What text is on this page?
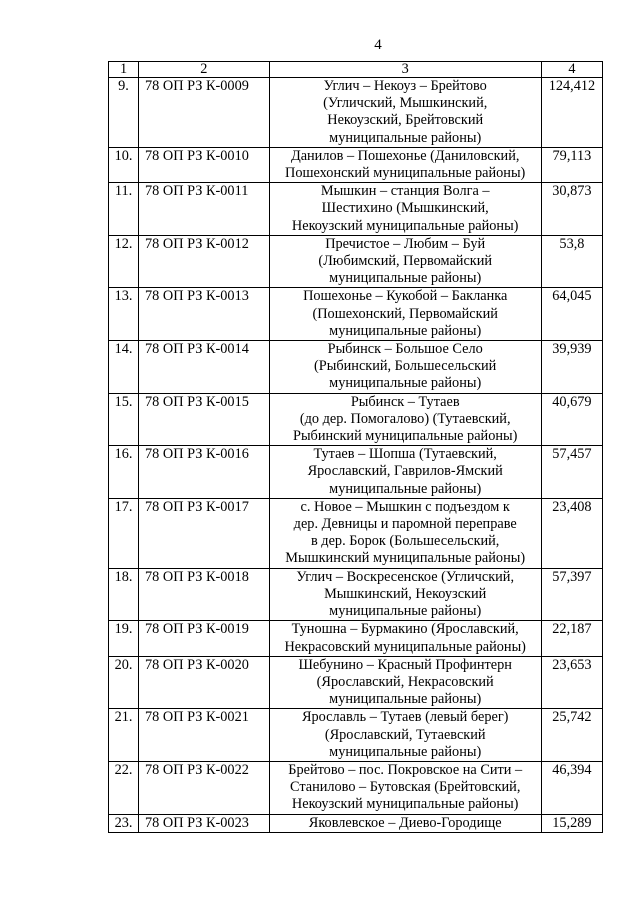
4
1	2	3	4
9.	78 ОП РЗ К-0009	Углич – Некоуз – Брейтово
(Угличский, Мышкинский,
Некоузский, Брейтовский
муниципальные районы)	124,412
10.	78 ОП РЗ К-0010	Данилов – Пошехонье (Даниловский,
Пошехонский муниципальные районы)	79,113
11.	78 ОП РЗ К-0011	Мышкин – станция Волга –
Шестихино (Мышкинский,
Некоузский муниципальные районы)	30,873
12.	78 ОП РЗ К-0012	Пречистое – Любим – Буй
(Любимский, Первомайский
муниципальные районы)	53,8
13.	78 ОП РЗ К-0013	Пошехонье – Кукобой – Бакланка
(Пошехонский, Первомайский
муниципальные районы)	64,045
14.	78 ОП РЗ К-0014	Рыбинск – Большое Село
(Рыбинский, Большесельский
муниципальные районы)	39,939
15.	78 ОП РЗ К-0015	Рыбинск – Тутаев
(до дер. Помогалово) (Тутаевский,
Рыбинский муниципальные районы)	40,679
16.	78 ОП РЗ К-0016	Тутаев – Шопша (Тутаевский,
Ярославский, Гаврилов-Ямский
муниципальные районы)	57,457
17.	78 ОП РЗ К-0017	с. Новое – Мышкин с подъездом к
дер. Девницы и паромной переправе
в дер. Борок (Большесельский,
Мышкинский муниципальные районы)	23,408
18.	78 ОП РЗ К-0018	Углич – Воскресенское (Угличский,
Мышкинский, Некоузский
муниципальные районы)	57,397
19.	78 ОП РЗ К-0019	Туношна – Бурмакино (Ярославский,
Некрасовский муниципальные районы)	22,187
20.	78 ОП РЗ К-0020	Шебунино – Красный Профинтерн
(Ярославский, Некрасовский
муниципальные районы)	23,653
21.	78 ОП РЗ К-0021	Ярославль – Тутаев (левый берег)
(Ярославский, Тутаевский
муниципальные районы)	25,742
22.	78 ОП РЗ К-0022	Брейтово – пос. Покровское на Сити –
Станилово – Бутовская (Брейтовский,
Некоузский муниципальные районы)	46,394
23.	78 ОП РЗ К-0023	Яковлевское – Диево-Городище	15,289
